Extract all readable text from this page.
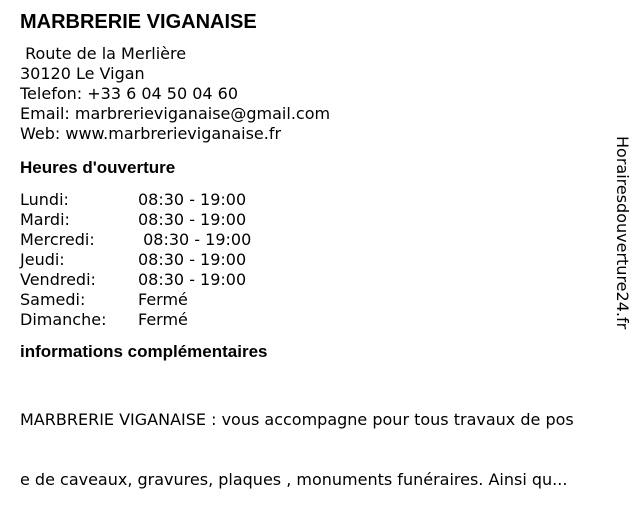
MARBRERIE VIGANAISE
Route de la Merlière
30120 Le Vigan
Telefon: +33 6 04 50 04 60
Email: marbrerieviganaise@gmail.com
Web: www.marbrerieviganaise.fr
Heures d'ouverture
Lundi:	08:30 - 19:00
Mardi:	08:30 - 19:00
Mercredi:	08:30 - 19:00
Jeudi:	08:30 - 19:00
Vendredi:	08:30 - 19:00
Samedi:	Fermé
Dimanche:	Fermé
informations complémentaires

MARBRERIE VIGANAISE : vous accompagne pour tous travaux de pos

e de caveaux, gravures, plaques , monuments funéraires. Ainsi qu...

Horairesdouverture24.fr
